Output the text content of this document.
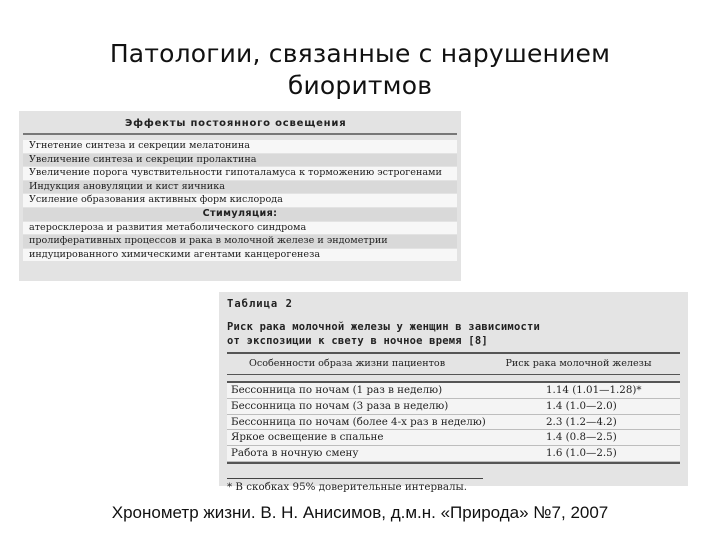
Патологии, связанные с нарушением
биоритмов
Эффекты постоянного освещения
Угнетение синтеза и секреции мелатонина
Увеличение синтеза и секреции пролактина
Увеличение порога чувствительности гипоталамуса к торможению эстрогенами
Индукция ановуляции и кист яичника
Усиление образования активных форм кислорода
Стимуляция:
атеросклероза и развития метаболического синдрома
пролиферативных процессов и рака в молочной железе и эндометрии
индуцированного химическими агентами канцерогенеза
Таблица 2
Риск рака молочной железы у женщин в зависимости
от экспозиции к свету в ночное время [8]
Особенности образа жизни пациентов	Риск рака молочной железы
Бессонница по ночам (1 раз в неделю)	1.14 (1.01—1.28)*
Бессонница по ночам (3 раза в неделю)	1.4 (1.0—2.0)
Бессонница по ночам (более 4-х раз в неделю)	2.3 (1.2—4.2)
Яркое освещение в спальне	1.4 (0.8—2.5)
Работа в ночную смену	1.6 (1.0—2.5)
* В скобках 95% доверительные интервалы.
Хронометр жизни. В. Н. Анисимов, д.м.н. «Природа» №7, 2007
